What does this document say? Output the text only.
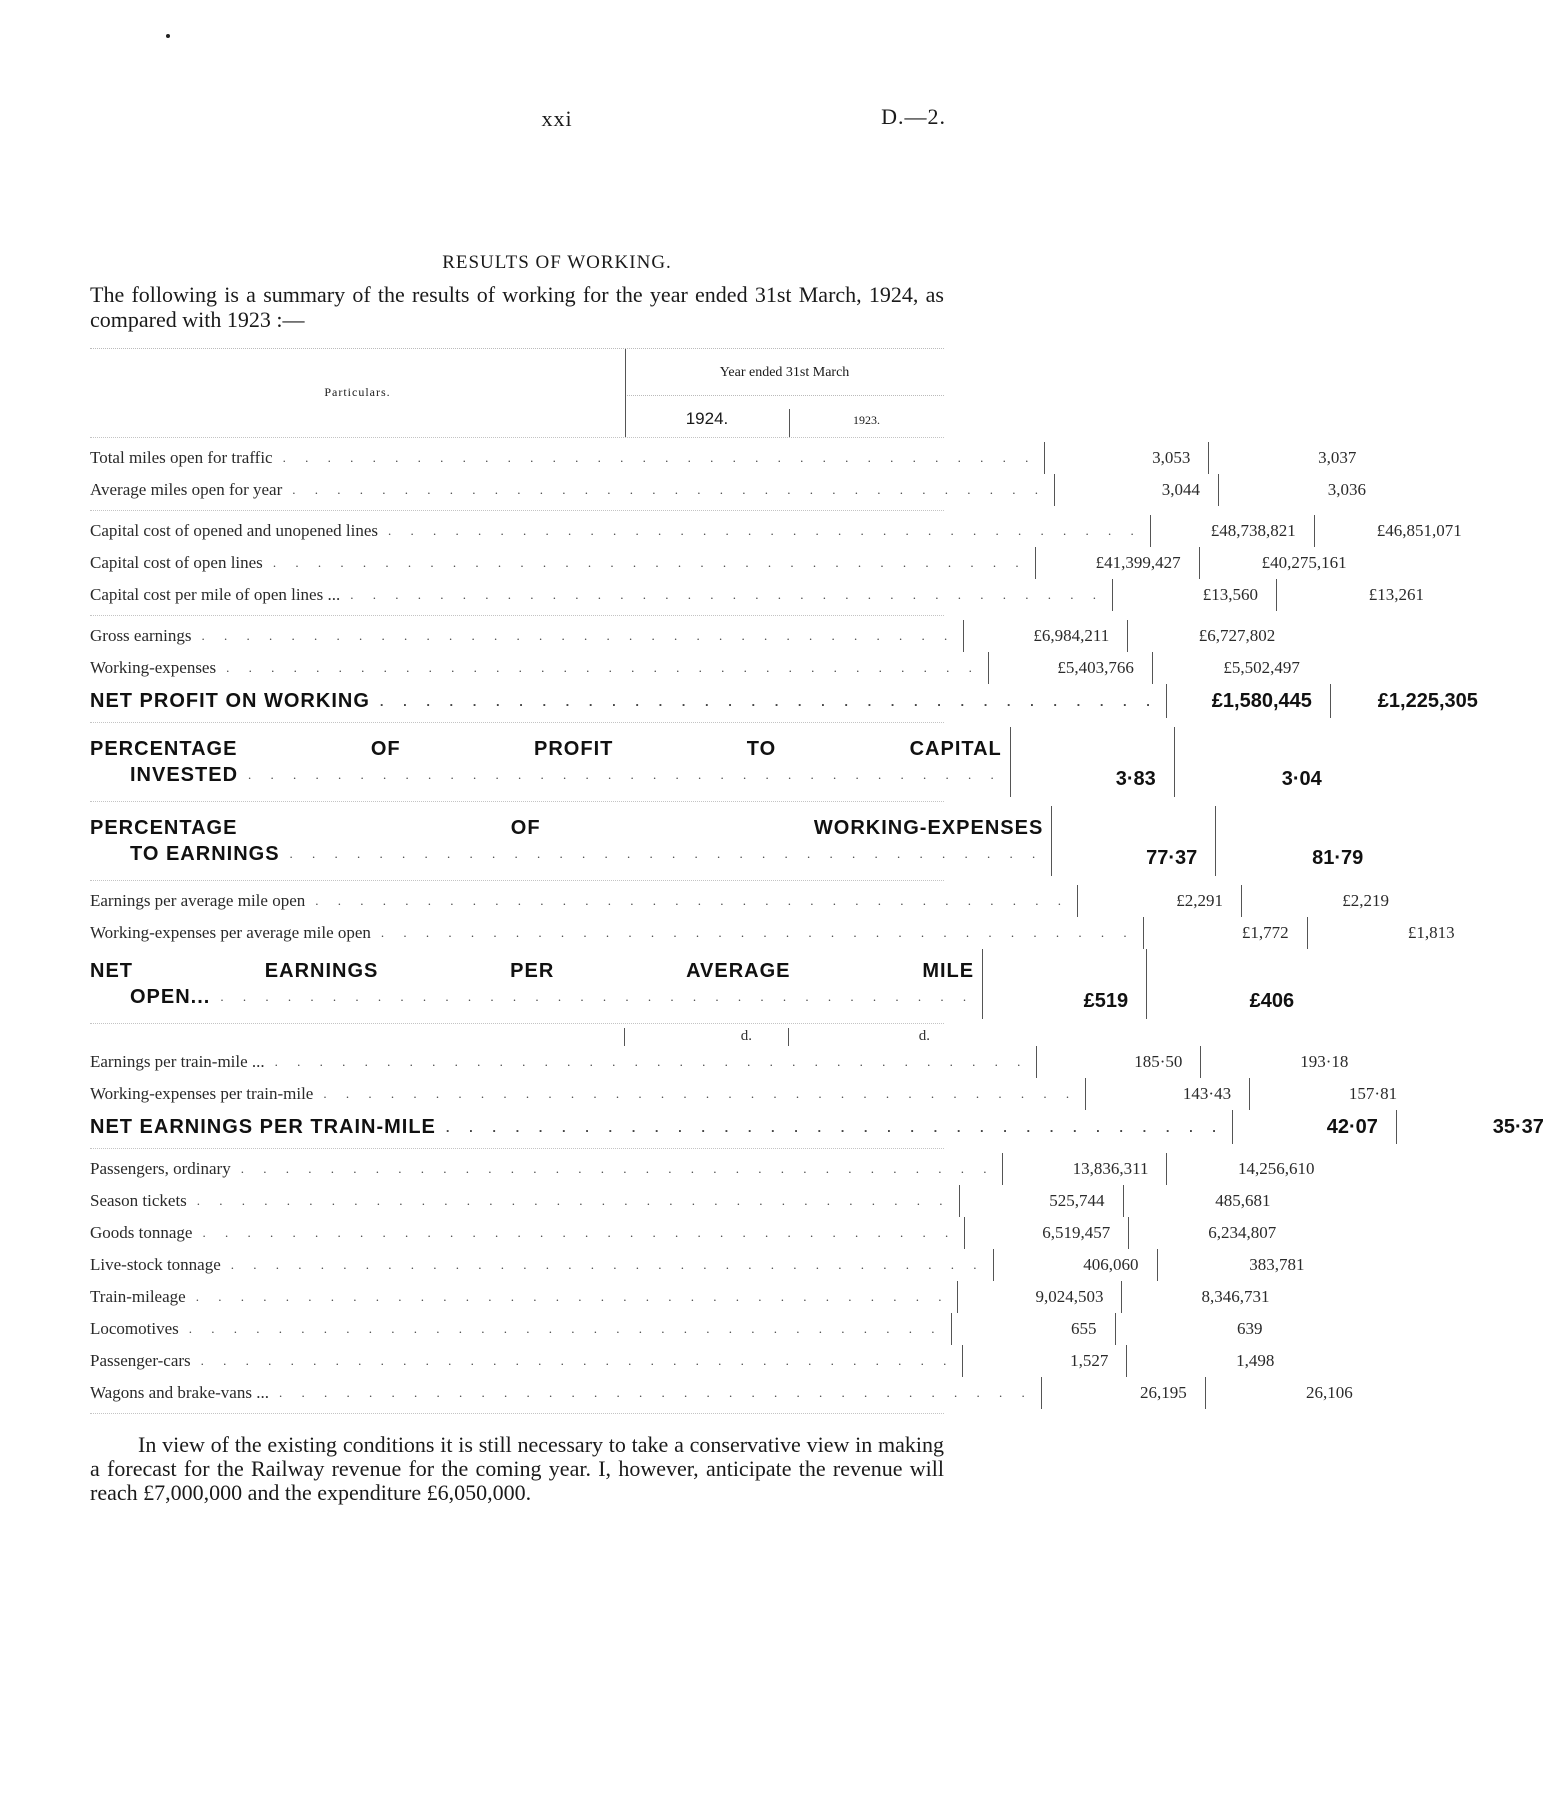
xxi	D.—2.
RESULTS OF WORKING.
The following is a summary of the results of working for the year ended 31st March, 1924, as compared with 1923 :—
Particulars.
Year ended 31st March
1924.	1923.
Total miles open for traffic . . . . . . . . . . . . . . . . . . . . . . . . . . . . . . . . . .	3,053	3,037
Average miles open for year . . . . . . . . . . . . . . . . . . . . . . . . . . . . . . . . . .	3,044	3,036
Capital cost of opened and unopened lines . . . . . . . . . . . . . . . . . . . . . . . . . . . . . . . . . .	£48,738,821	£46,851,071
Capital cost of open lines . . . . . . . . . . . . . . . . . . . . . . . . . . . . . . . . . .	£41,399,427	£40,275,161
Capital cost per mile of open lines ... . . . . . . . . . . . . . . . . . . . . . . . . . . . . . . . . . .	£13,560	£13,261
Gross earnings . . . . . . . . . . . . . . . . . . . . . . . . . . . . . . . . . .	£6,984,211	£6,727,802
Working-expenses . . . . . . . . . . . . . . . . . . . . . . . . . . . . . . . . . .	£5,403,766	£5,502,497
NET PROFIT ON WORKING . . . . . . . . . . . . . . . . . . . . . . . . . . . . . . . . . .	£1,580,445	£1,225,305
PERCENTAGE	OF	PROFIT	TO	CAPITAL
INVESTED . . . . . . . . . . . . . . . . . . . . . . . . . . . . . . . . . .	3·83	3·04
PERCENTAGE	OF	WORKING-EXPENSES
TO EARNINGS . . . . . . . . . . . . . . . . . . . . . . . . . . . . . . . . . .	77·37	81·79
Earnings per average mile open . . . . . . . . . . . . . . . . . . . . . . . . . . . . . . . . . .	£2,291	£2,219
Working-expenses per average mile open . . . . . . . . . . . . . . . . . . . . . . . . . . . . . . . . . .	£1,772	£1,813
NET	EARNINGS	PER	AVERAGE	MILE
OPEN... . . . . . . . . . . . . . . . . . . . . . . . . . . . . . . . . . .	£519	£406
d.	d.
Earnings per train-mile ... . . . . . . . . . . . . . . . . . . . . . . . . . . . . . . . . . .	185·50	193·18
Working-expenses per train-mile . . . . . . . . . . . . . . . . . . . . . . . . . . . . . . . . . .	143·43	157·81
NET EARNINGS PER TRAIN-MILE . . . . . . . . . . . . . . . . . . . . . . . . . . . . . . . . . .	42·07	35·37
Passengers, ordinary . . . . . . . . . . . . . . . . . . . . . . . . . . . . . . . . . .	13,836,311	14,256,610
Season tickets . . . . . . . . . . . . . . . . . . . . . . . . . . . . . . . . . .	525,744	485,681
Goods tonnage . . . . . . . . . . . . . . . . . . . . . . . . . . . . . . . . . .	6,519,457	6,234,807
Live-stock tonnage . . . . . . . . . . . . . . . . . . . . . . . . . . . . . . . . . .	406,060	383,781
Train-mileage . . . . . . . . . . . . . . . . . . . . . . . . . . . . . . . . . .	9,024,503	8,346,731
Locomotives . . . . . . . . . . . . . . . . . . . . . . . . . . . . . . . . . .	655	639
Passenger-cars . . . . . . . . . . . . . . . . . . . . . . . . . . . . . . . . . .	1,527	1,498
Wagons and brake-vans ... . . . . . . . . . . . . . . . . . . . . . . . . . . . . . . . . . .	26,195	26,106
In view of the existing conditions it is still necessary to take a conservative view in making a forecast for the Railway revenue for the coming year. I, however, anticipate the revenue will reach £7,000,000 and the expenditure £6,050,000.
